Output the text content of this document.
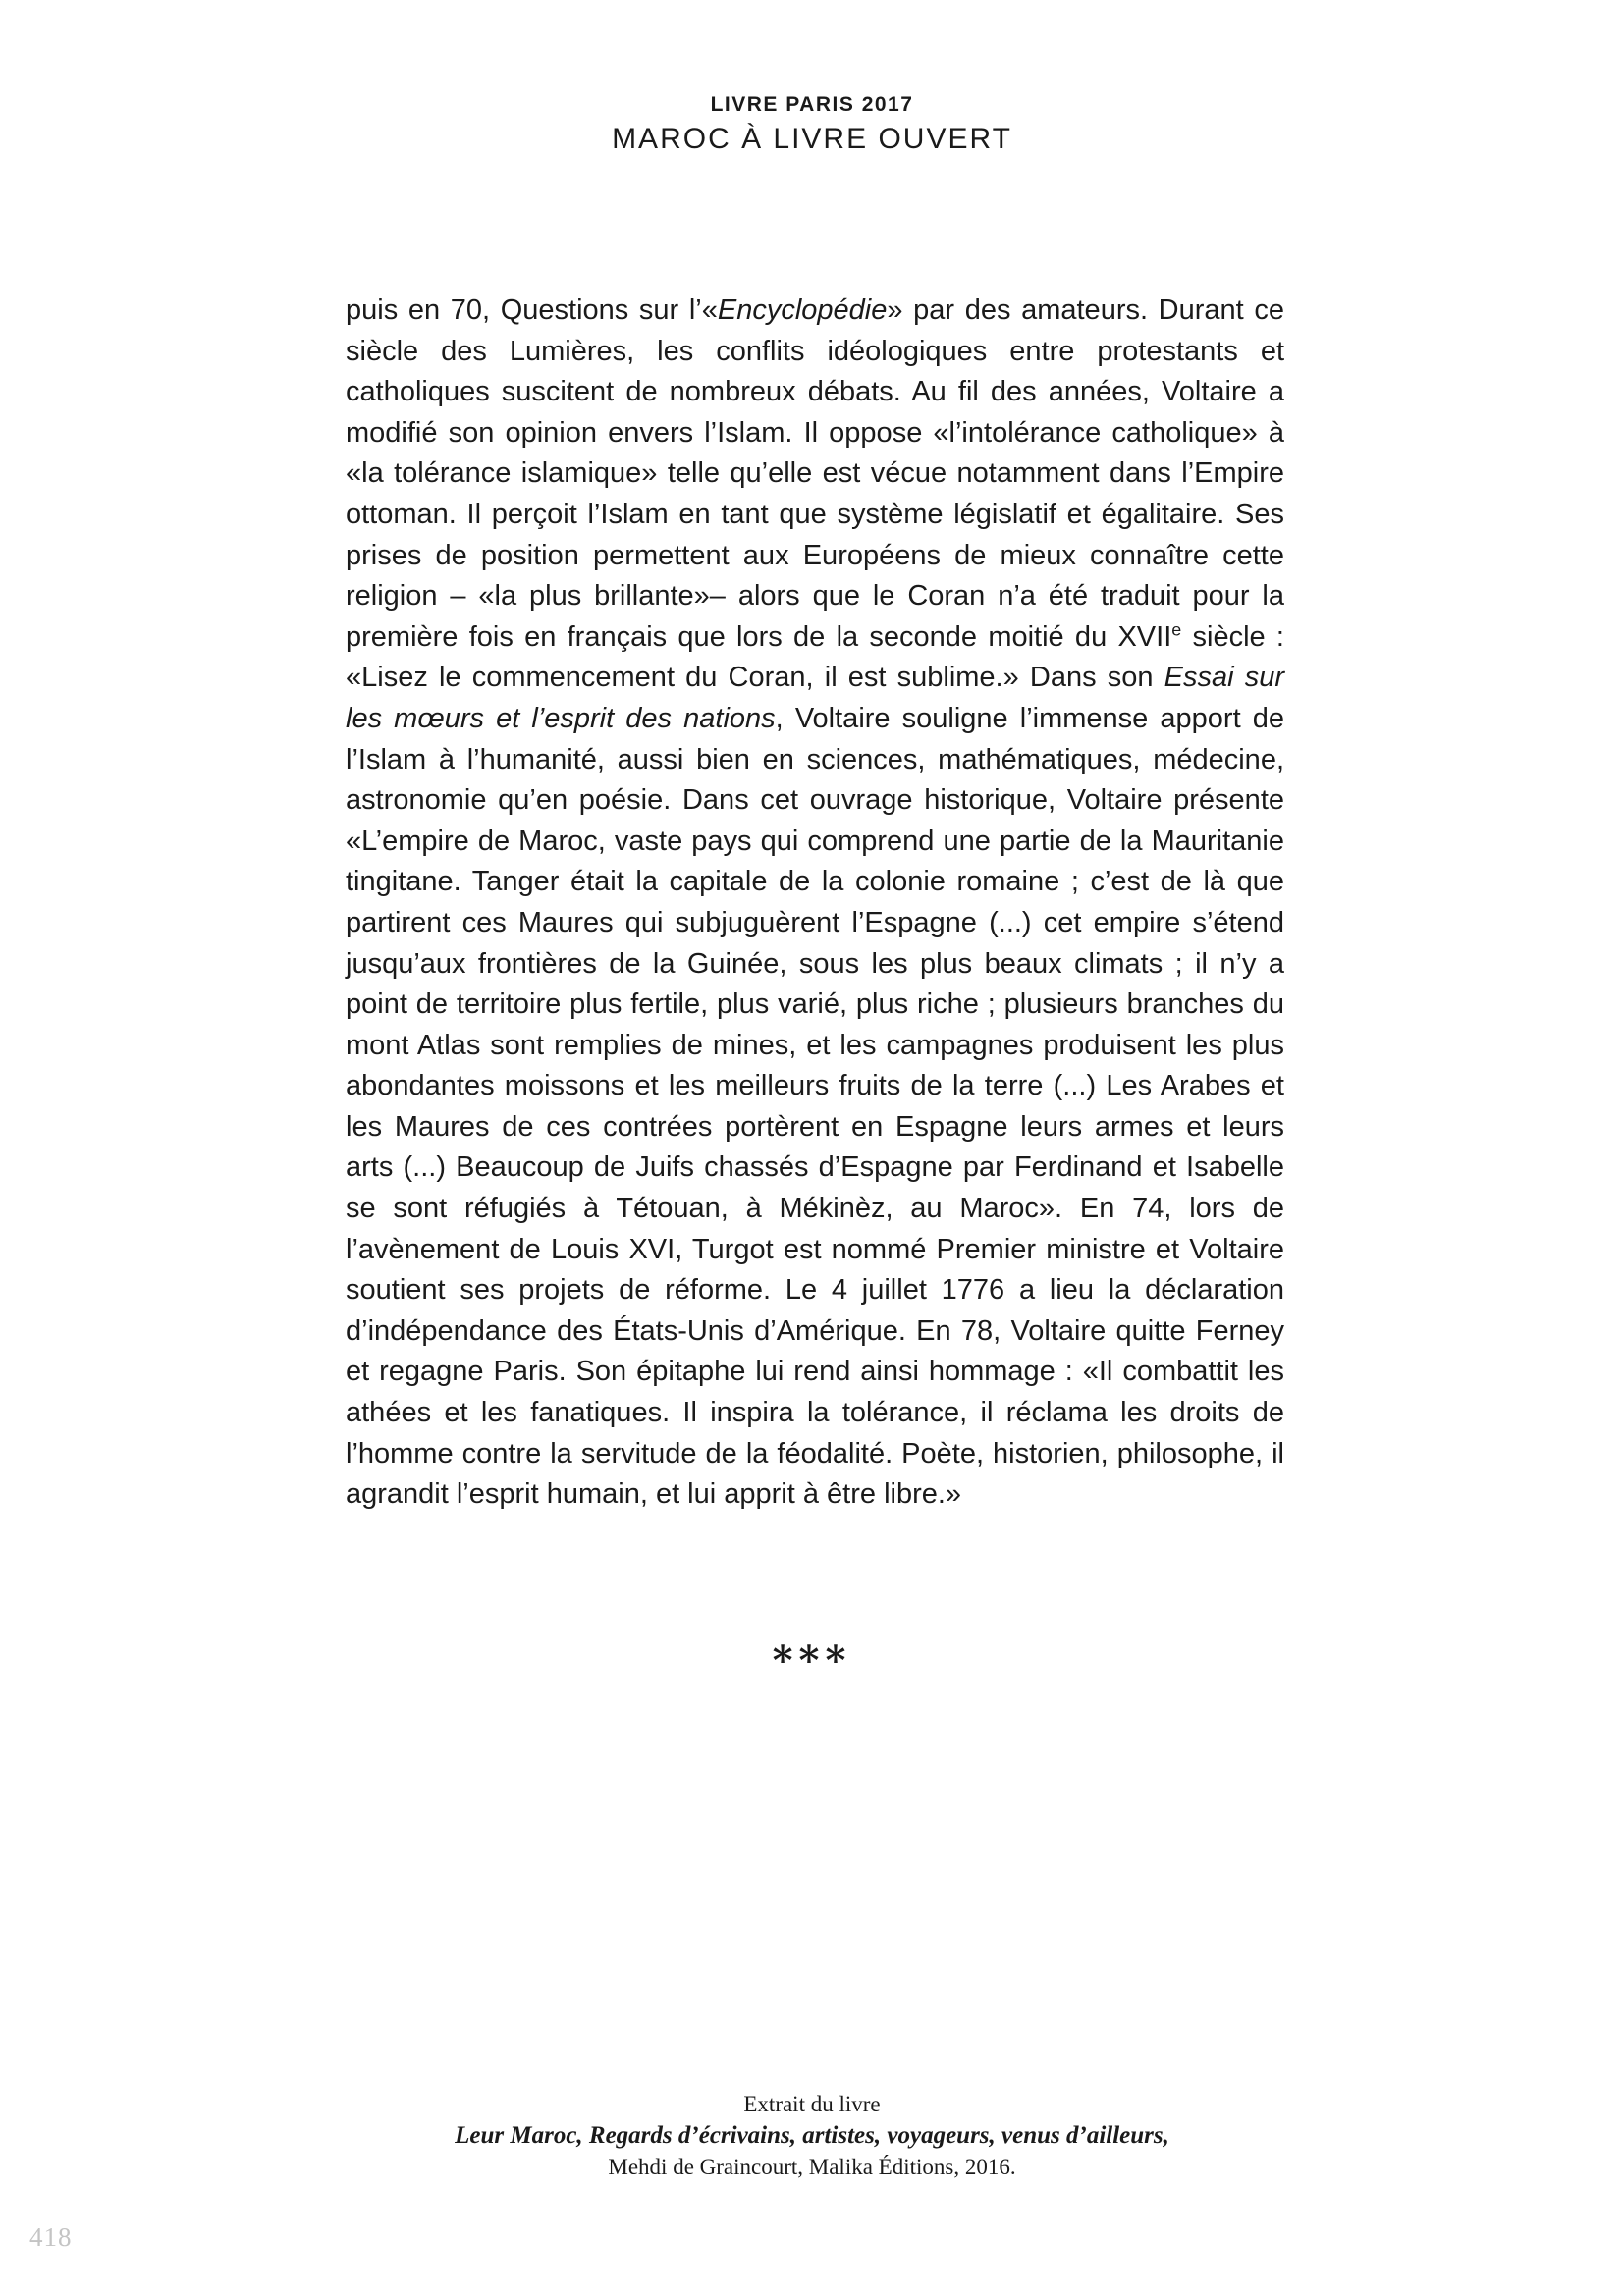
LIVRE PARIS 2017
MAROC À LIVRE OUVERT
puis en 70, Questions sur l’«Encyclopédie» par des amateurs. Durant ce siècle des Lumières, les conflits idéologiques entre protestants et catholiques suscitent de nombreux débats. Au fil des années, Voltaire a modifié son opinion envers l’Islam. Il oppose «l’intolérance catholique» à «la tolérance islamique» telle qu’elle est vécue notamment dans l’Empire ottoman. Il perçoit l’Islam en tant que système législatif et égalitaire. Ses prises de position permettent aux Européens de mieux connaître cette religion – «la plus brillante»– alors que le Coran n’a été traduit pour la première fois en français que lors de la seconde moitié du XVIIe siècle : «Lisez le commencement du Coran, il est sublime.» Dans son Essai sur les mœurs et l’esprit des nations, Voltaire souligne l’immense apport de l’Islam à l’humanité, aussi bien en sciences, mathématiques, médecine, astronomie qu’en poésie. Dans cet ouvrage historique, Voltaire présente «L’empire de Maroc, vaste pays qui comprend une partie de la Mauritanie tingitane. Tanger était la capitale de la colonie romaine ; c’est de là que partirent ces Maures qui subjuguèrent l’Espagne (...) cet empire s’étend jusqu’aux frontières de la Guinée, sous les plus beaux climats ; il n’y a point de territoire plus fertile, plus varié, plus riche ; plusieurs branches du mont Atlas sont remplies de mines, et les campagnes produisent les plus abondantes moissons et les meilleurs fruits de la terre (...) Les Arabes et les Maures de ces contrées portèrent en Espagne leurs armes et leurs arts (...) Beaucoup de Juifs chassés d’Espagne par Ferdinand et Isabelle se sont réfugiés à Tétouan, à Mékinèz, au Maroc». En 74, lors de l’avènement de Louis XVI, Turgot est nommé Premier ministre et Voltaire soutient ses projets de réforme. Le 4 juillet 1776 a lieu la déclaration d’indépendance des États-Unis d’Amérique. En 78, Voltaire quitte Ferney et regagne Paris. Son épitaphe lui rend ainsi hommage : «Il combattit les athées et les fanatiques. Il inspira la tolérance, il réclama les droits de l’homme contre la servitude de la féodalité. Poète, historien, philosophe, il agrandit l’esprit humain, et lui apprit à être libre.»
***
Extrait du livre
Leur Maroc, Regards d’écrivains, artistes, voyageurs, venus d’ailleurs,
Mehdi de Graincourt, Malika Éditions, 2016.
418
